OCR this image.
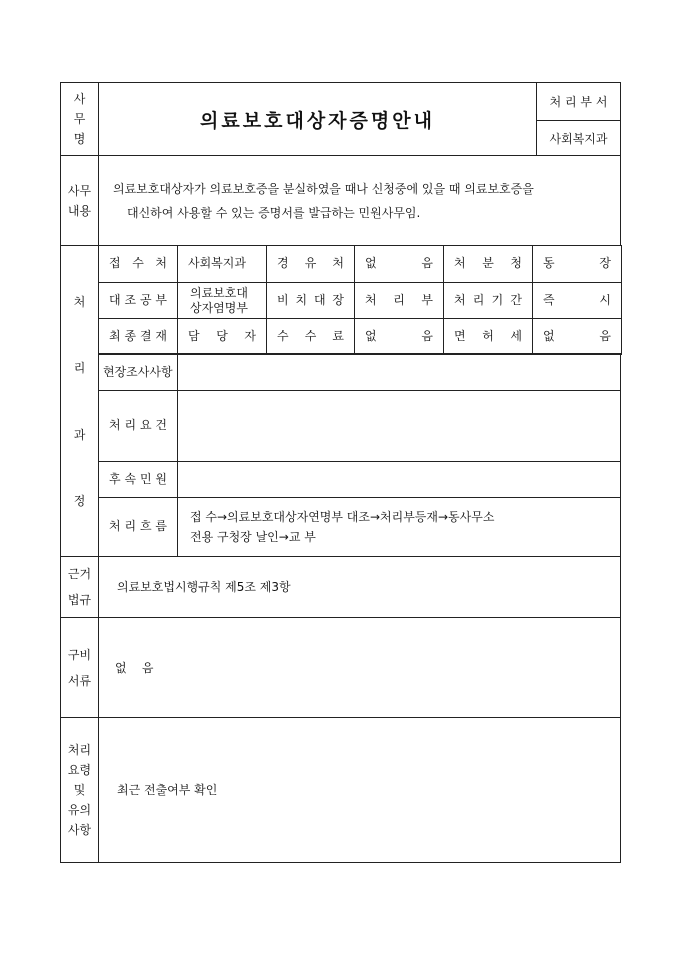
사
무
명
의료보호대상자증명안내
처 리 부 서
사회복지과
사무
내용
의료보호대상자가 의료보호증을 분실하였을 때나 신청중에 있을 때 의료보호증을
대신하여 사용할 수 있는 증명서를 발급하는 민원사무임.
처
리
과
정
접 수 처 사회복지과	경 유 처 없 음 처 분 청 동 장
대 조 공 부 의료보호대 상자염명부
비 치 대 장 처 리 부 처 리 기 간 즉 시
최 종 결 재 담 당 자 수 수 료 없 음 면 허 세 없 음
현장조사사항
처 리 요 건
후 속 민 원
처 리 흐 름
접 수→의료보호대상자연명부 대조→처리부등재→동사무소
전용 구청장 날인→교 부
근거
법규
의료보호법시행규칙 제5조 제3항
구비
서류
없    음
처리
요령
및
유의
사항
최근 전출여부 확인
